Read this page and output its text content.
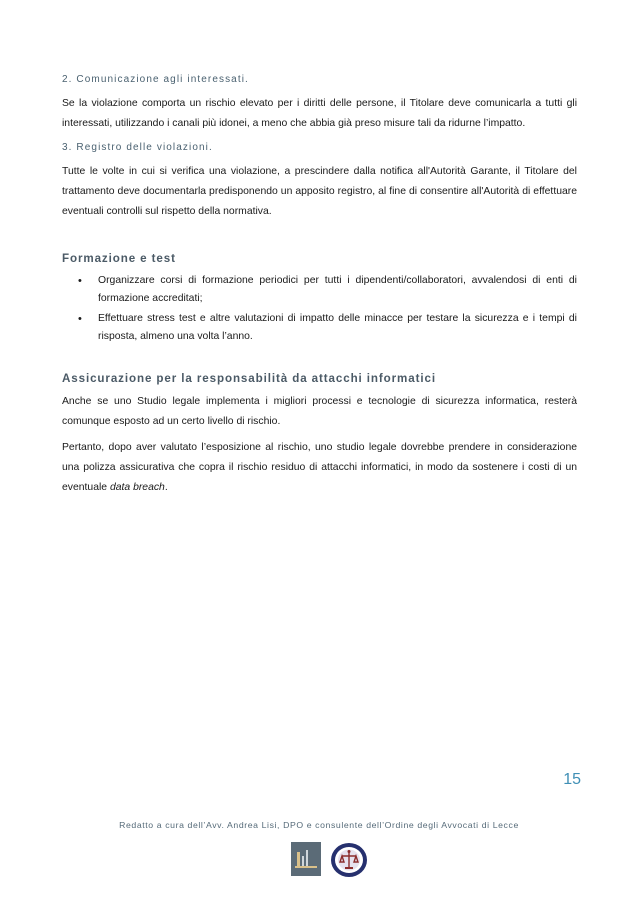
2. Comunicazione agli interessati.

Se la violazione comporta un rischio elevato per i diritti delle persone, il Titolare deve comunicarla a tutti gli interessati, utilizzando i canali più idonei, a meno che abbia già preso misure tali da ridurne l’impatto.

3. Registro delle violazioni.

Tutte le volte in cui si verifica una violazione, a prescindere dalla notifica all'Autorità Garante, il Titolare del trattamento deve documentarla predisponendo un apposito registro, al fine di consentire all'Autorità di effettuare eventuali controlli sul rispetto della normativa.

Formazione e test
• Organizzare corsi di formazione periodici per tutti i dipendenti/collaboratori, avvalendosi di enti di formazione accreditati;
• Effettuare stress test e altre valutazioni di impatto delle minacce per testare la sicurezza e i tempi di risposta, almeno una volta l’anno.
Assicurazione per la responsabilità da attacchi informatici

Anche se uno Studio legale implementa i migliori processi e tecnologie di sicurezza informatica, resterà comunque esposto ad un certo livello di rischio.

Pertanto, dopo aver valutato l’esposizione al rischio, uno studio legale dovrebbe prendere in considerazione una polizza assicurativa che copra il rischio residuo di attacchi informatici, in modo da sostenere i costi di un eventuale data breach.

15
Redatto a cura dell’Avv. Andrea Lisi, DPO e consulente dell’Ordine degli Avvocati di Lecce
